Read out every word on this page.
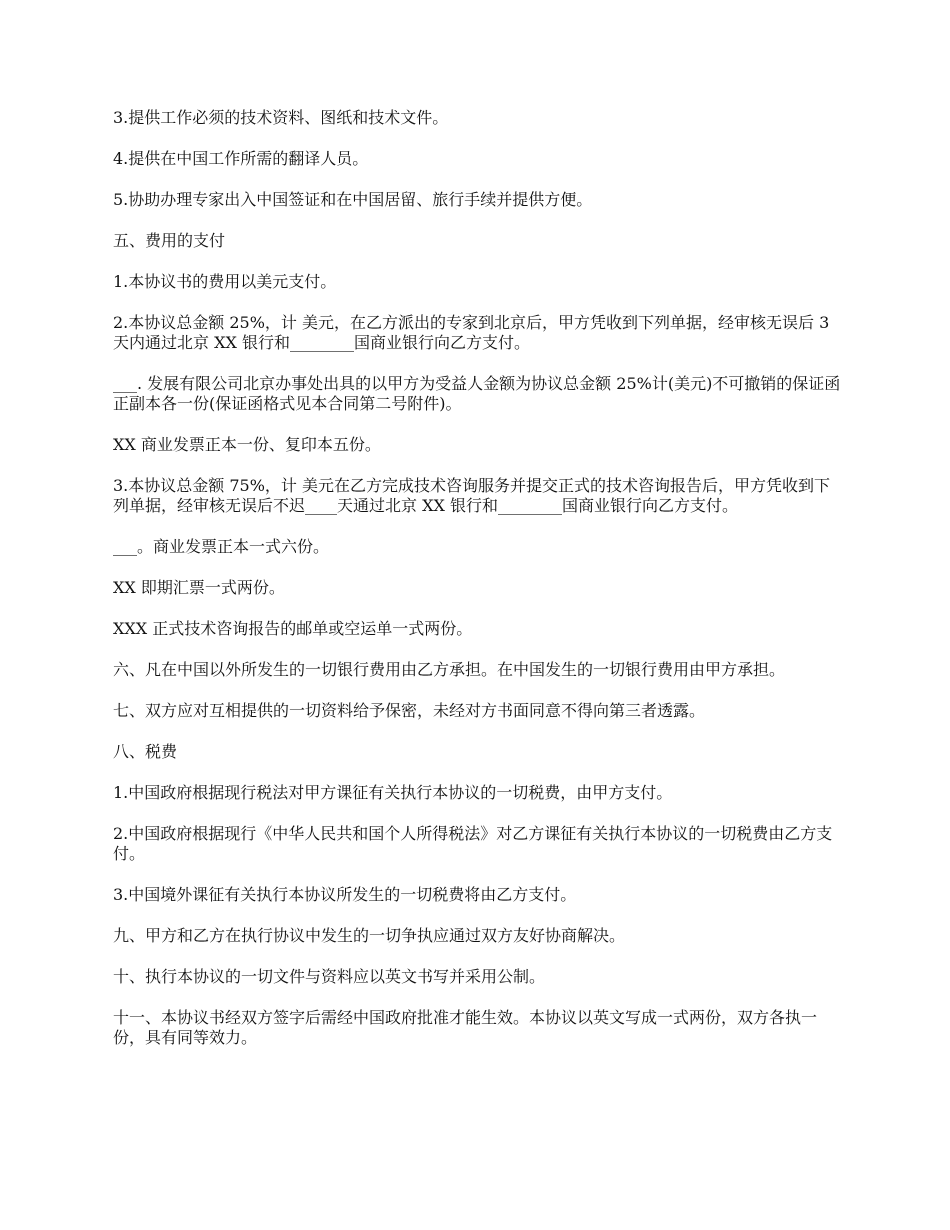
3.提供工作必须的技术资料、图纸和技术文件。

4.提供在中国工作所需的翻译人员。

5.协助办理专家出入中国签证和在中国居留、旅行手续并提供方便。

五、费用的支付

1.本协议书的费用以美元支付。

2.本协议总金额 25%，计 美元，在乙方派出的专家到北京后，甲方凭收到下列单据，经审核无误后 3 天内通过北京 XX 银行和________国商业银行向乙方支付。

___. 发展有限公司北京办事处出具的以甲方为受益人金额为协议总金额 25%计(美元)不可撤销的保证函正副本各一份(保证函格式见本合同第二号附件)。

XX 商业发票正本一份、复印本五份。

3.本协议总金额 75%，计 美元在乙方完成技术咨询服务并提交正式的技术咨询报告后，甲方凭收到下列单据，经审核无误后不迟____天通过北京 XX 银行和________国商业银行向乙方支付。

___。商业发票正本一式六份。

XX 即期汇票一式两份。

XXX 正式技术咨询报告的邮单或空运单一式两份。

六、凡在中国以外所发生的一切银行费用由乙方承担。在中国发生的一切银行费用由甲方承担。

七、双方应对互相提供的一切资料给予保密，未经对方书面同意不得向第三者透露。

八、税费

1.中国政府根据现行税法对甲方课征有关执行本协议的一切税费，由甲方支付。

2.中国政府根据现行《中华人民共和国个人所得税法》对乙方课征有关执行本协议的一切税费由乙方支付。

3.中国境外课征有关执行本协议所发生的一切税费将由乙方支付。

九、甲方和乙方在执行协议中发生的一切争执应通过双方友好协商解决。

十、执行本协议的一切文件与资料应以英文书写并采用公制。

十一、本协议书经双方签字后需经中国政府批准才能生效。本协议以英文写成一式两份，双方各执一份，具有同等效力。
